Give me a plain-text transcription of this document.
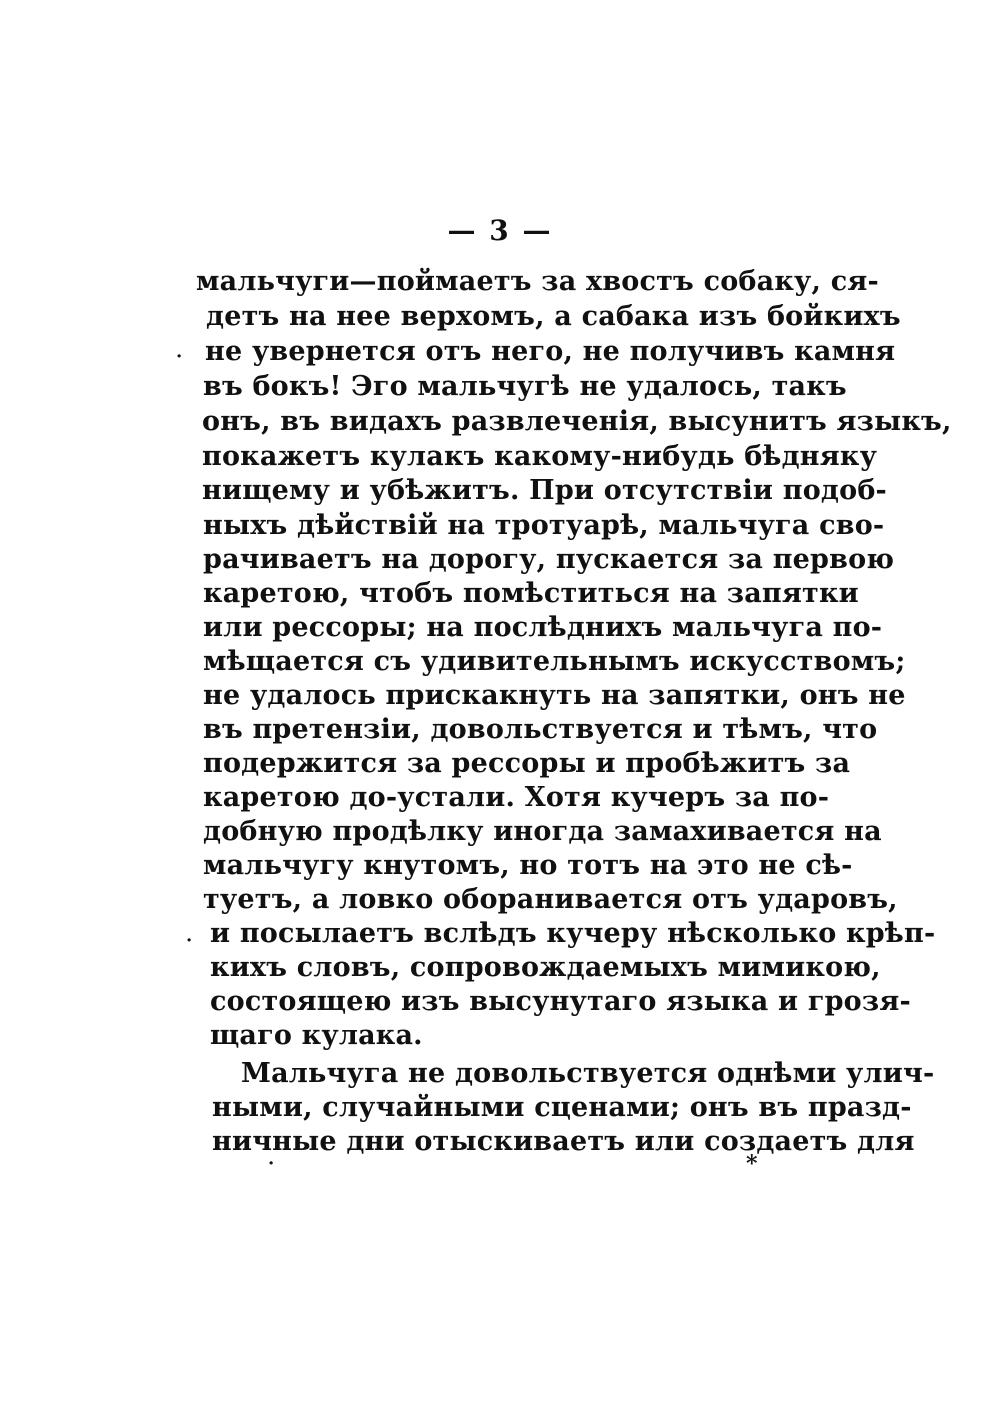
— 3 —
мальчуги—поймаетъ за хвостъ собаку, ся-
детъ на нее верхомъ, а сабака изъ бойкихъ
не увернется отъ него, не получивъ камня
въ бокъ! Эго мальчугѣ не удалось, такъ
онъ, въ видахъ развлеченія, высунитъ языкъ,
покажетъ кулакъ какому-нибудь бѣдняку
нищему и убѣжитъ. При отсутствіи подоб-
ныхъ дѣйствій на тротуарѣ, мальчуга сво-
рачиваетъ на дорогу, пускается за первою
каретою, чтобъ помѣститься на запятки
или рессоры; на послѣднихъ мальчуга по-
мѣщается съ удивительнымъ искусствомъ;
не удалось прискакнуть на запятки, онъ не
въ претензіи, довольствуется и тѣмъ, что
подержится за рессоры и пробѣжитъ за
каретою до-устали. Хотя кучеръ за по-
добную продѣлку иногда замахивается на
мальчугу кнутомъ, но тотъ на это не сѣ-
туетъ, а ловко оборанивается отъ ударовъ,
и посылаетъ вслѣдъ кучеру нѣсколько крѣп-
кихъ словъ, сопровождаемыхъ мимикою,
состоящею изъ высунутаго языка и грозя-
щаго кулака.
Мальчуга не довольствуется однѣми улич-
ными, случайными сценами; онъ въ празд-
ничные дни отыскиваетъ или создаетъ для
·
·
·	*
